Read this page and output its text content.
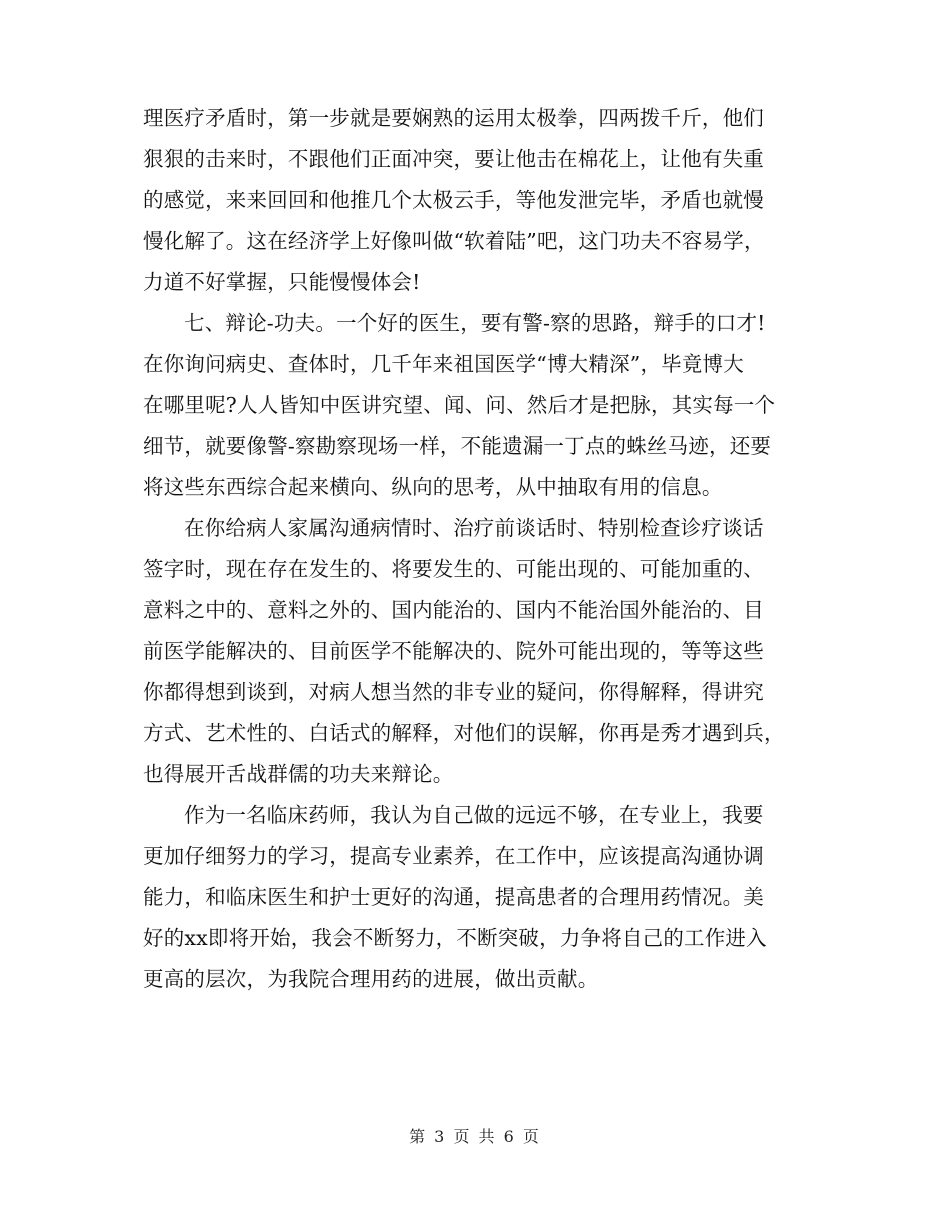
理医疗矛盾时，第一步就是要娴熟的运用太极拳，四两拨千斤，他们
狠狠的击来时，不跟他们正面冲突，要让他击在棉花上，让他有失重
的感觉，来来回回和他推几个太极云手，等他发泄完毕，矛盾也就慢
慢化解了。这在经济学上好像叫做“软着陆”吧，这门功夫不容易学，
力道不好掌握，只能慢慢体会!
七、辩论-功夫。一个好的医生，要有警-察的思路，辩手的口才!
在你询问病史、查体时，几千年来祖国医学“博大精深”，毕竟博大
在哪里呢?人人皆知中医讲究望、闻、问、然后才是把脉，其实每一个
细节，就要像警-察勘察现场一样，不能遗漏一丁点的蛛丝马迹，还要
将这些东西综合起来横向、纵向的思考，从中抽取有用的信息。
在你给病人家属沟通病情时、治疗前谈话时、特别检查诊疗谈话
签字时，现在存在发生的、将要发生的、可能出现的、可能加重的、
意料之中的、意料之外的、国内能治的、国内不能治国外能治的、目
前医学能解决的、目前医学不能解决的、院外可能出现的，等等这些
你都得想到谈到，对病人想当然的非专业的疑问，你得解释，得讲究
方式、艺术性的、白话式的解释，对他们的误解，你再是秀才遇到兵，
也得展开舌战群儒的功夫来辩论。
作为一名临床药师，我认为自己做的远远不够，在专业上，我要
更加仔细努力的学习，提高专业素养，在工作中，应该提高沟通协调
能力，和临床医生和护士更好的沟通，提高患者的合理用药情况。美
好的xx即将开始，我会不断努力，不断突破，力争将自己的工作进入
更高的层次，为我院合理用药的进展，做出贡献。
第 3 页 共 6 页
